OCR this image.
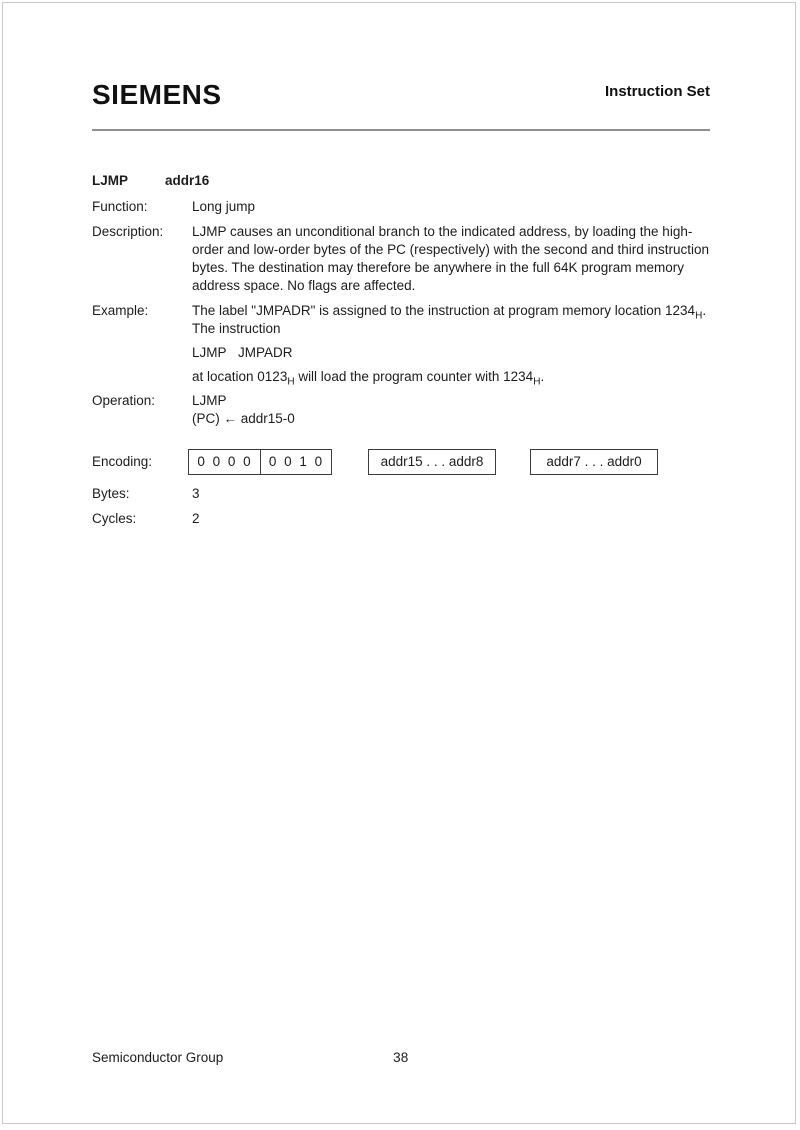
SIEMENS	Instruction Set
LJMP	addr16
Function:	Long jump
Description:	LJMP causes an unconditional branch to the indicated address, by loading the high-order and low-order bytes of the PC (respectively) with the second and third instruction bytes. The destination may therefore be anywhere in the full 64K program memory address space. No flags are affected.
Example:	The label "JMPADR" is assigned to the instruction at program memory location $1234_H$. The instruction

LJMP JMPADR

at location $0123_H$ will load the program counter with $1234_H$.

Operation:	LJMP
(PC) ← addr15-0
Encoding:	0 0 0 0	0 0 1 0	addr15 . . . addr8	addr7 . . . addr0
Bytes:	3
Cycles:	2
Semiconductor Group	38
